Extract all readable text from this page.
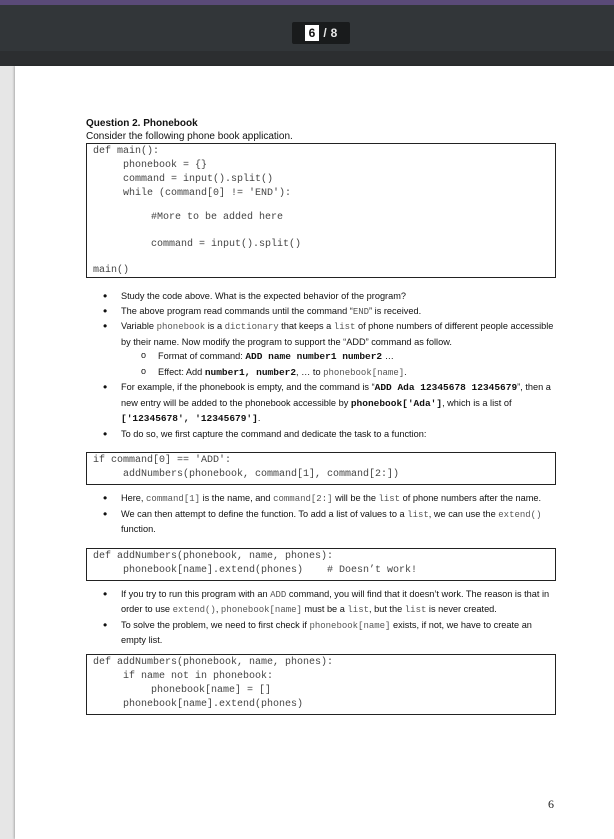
6 / 8

Question 2. Phonebook

Consider the following phone book application.

def main():
phonebook = {}
command = input().split()
while (command[0] != 'END'):
#More to be added here
command = input().split()
main()
• Study the code above. What is the expected behavior of the program?
• The above program read commands until the command “END” is received.
• Variable phonebook is a dictionary that keeps a list of phone numbers of different people accessible by their name. Now modify the program to support the “ADD” command as follow.
o Format of command: ADD name number1 number2 …
o Effect: Add number1, number2, … to phonebook[name].
• For example, if the phonebook is empty, and the command is “ADD Ada 12345678 12345679”, then a new entry will be added to the phonebook accessible by phonebook['Ada'], which is a list of ['12345678', '12345679'].
• To do so, we first capture the command and dedicate the task to a function:
if command[0] == 'ADD':
addNumbers(phonebook, command[1], command[2:])
• Here, command[1] is the name, and command[2:] will be the list of phone numbers after the name.
• We can then attempt to define the function. To add a list of values to a list, we can use the extend() function.
def addNumbers(phonebook, name, phones):
phonebook[name].extend(phones) # Doesn’t work!
• If you try to run this program with an ADD command, you will find that it doesn’t work. The reason is that in order to use extend(), phonebook[name] must be a list, but the list is never created.
• To solve the problem, we need to first check if phonebook[name] exists, if not, we have to create an empty list.
def addNumbers(phonebook, name, phones):
if name not in phonebook:
phonebook[name] = []
phonebook[name].extend(phones)
6
